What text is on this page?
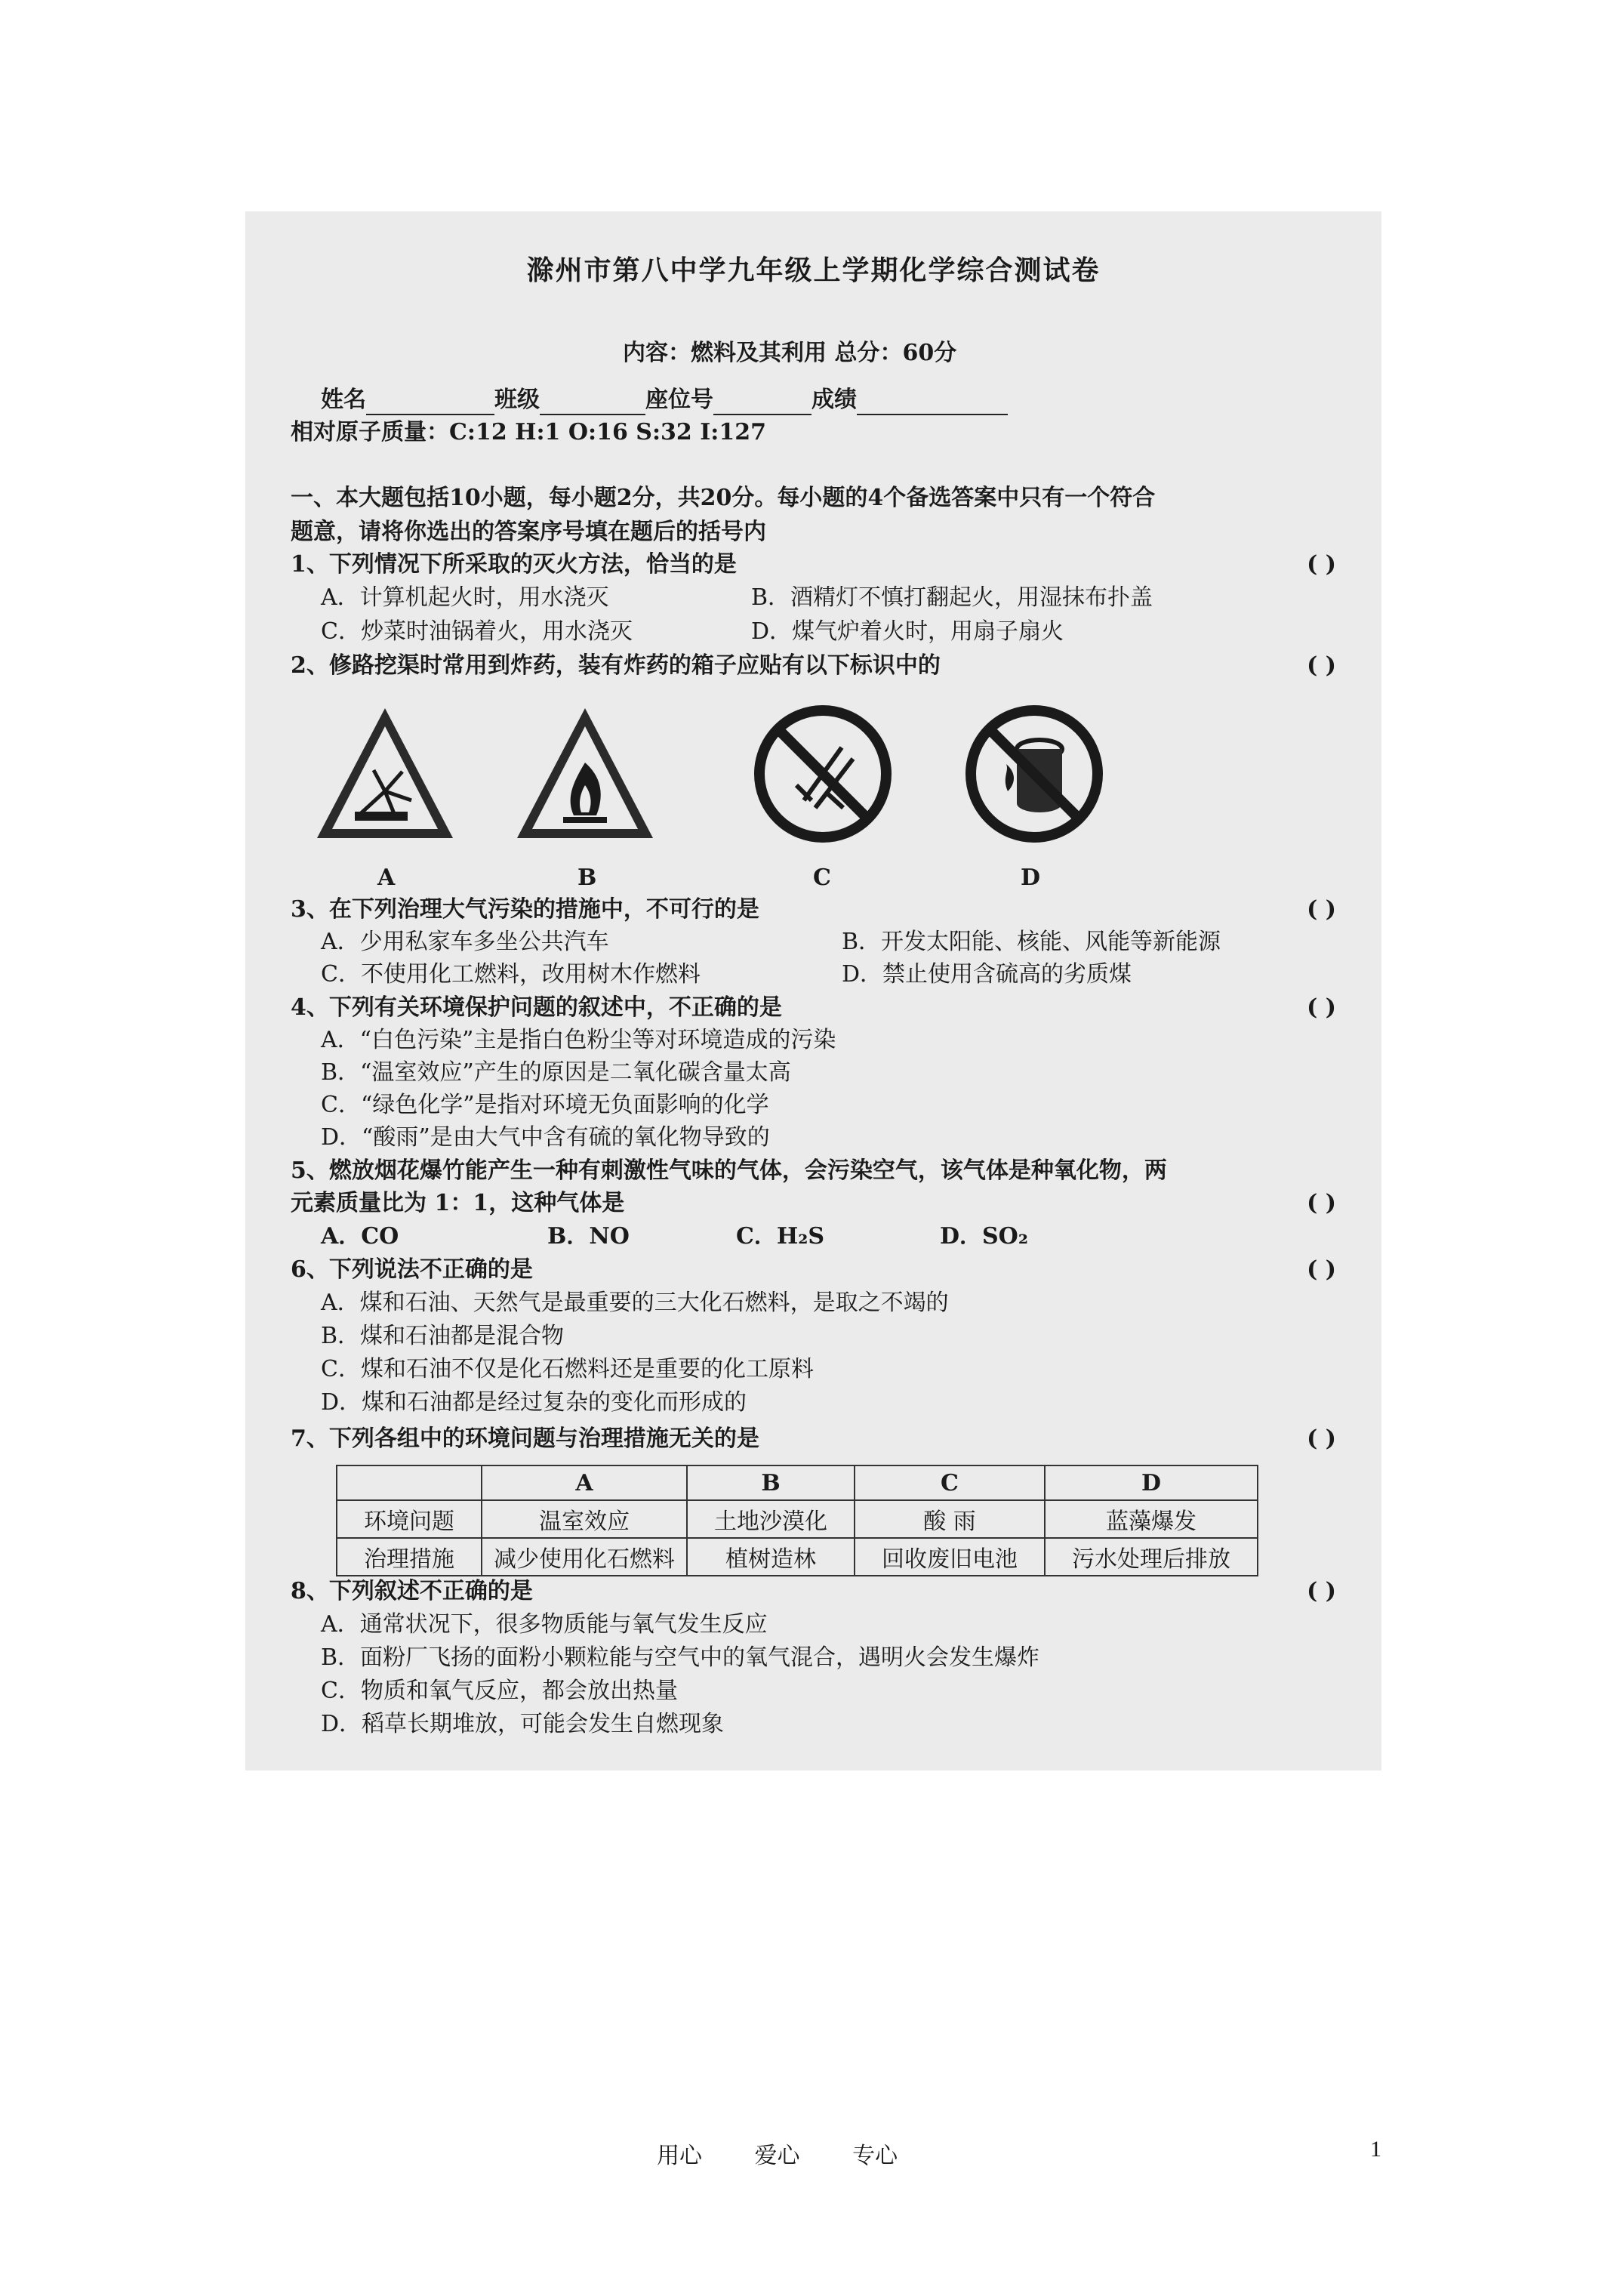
滁州市第八中学九年级上学期化学综合测试卷
内容：燃料及其利用 总分：60分
姓名	班级	座位号	成绩
相对原子质量：C:12 H:1 O:16 S:32 I:127
一、本大题包括10小题，每小题2分，共20分。每小题的4个备选答案中只有一个符合
题意，请将你选出的答案序号填在题后的括号内
1、下列情况下所采取的灭火方法，恰当的是	( )
A．计算机起火时，用水浇灭	B．酒精灯不慎打翻起火，用湿抹布扑盖
C．炒菜时油锅着火，用水浇灭	D．煤气炉着火时，用扇子扇火
2、修路挖渠时常用到炸药，装有炸药的箱子应贴有以下标识中的	( )
A	B	C	D
3、在下列治理大气污染的措施中，不可行的是	( )
A．少用私家车多坐公共汽车	B．开发太阳能、核能、风能等新能源
C．不使用化工燃料，改用树木作燃料	D．禁止使用含硫高的劣质煤
4、下列有关环境保护问题的叙述中，不正确的是	( )
A．“白色污染”主是指白色粉尘等对环境造成的污染
B．“温室效应”产生的原因是二氧化碳含量太高
C．“绿色化学”是指对环境无负面影响的化学
D．“酸雨”是由大气中含有硫的氧化物导致的
5、燃放烟花爆竹能产生一种有刺激性气味的气体，会污染空气，该气体是种氧化物，两
元素质量比为 1：1，这种气体是	( )
A．CO	B．NO	C．H₂S	D．SO₂
6、下列说法不正确的是	( )
A．煤和石油、天然气是最重要的三大化石燃料，是取之不竭的
B．煤和石油都是混合物
C．煤和石油不仅是化石燃料还是重要的化工原料
D．煤和石油都是经过复杂的变化而形成的
7、下列各组中的环境问题与治理措施无关的是	( )
	A	B	C	D
环境问题	温室效应	土地沙漠化	酸 雨	蓝藻爆发
治理措施	减少使用化石燃料	植树造林	回收废旧电池	污水处理后排放
8、下列叙述不正确的是	( )
A．通常状况下，很多物质能与氧气发生反应
B．面粉厂飞扬的面粉小颗粒能与空气中的氧气混合，遇明火会发生爆炸
C．物质和氧气反应，都会放出热量
D．稻草长期堆放，可能会发生自燃现象
用心 爱心 专心	1
